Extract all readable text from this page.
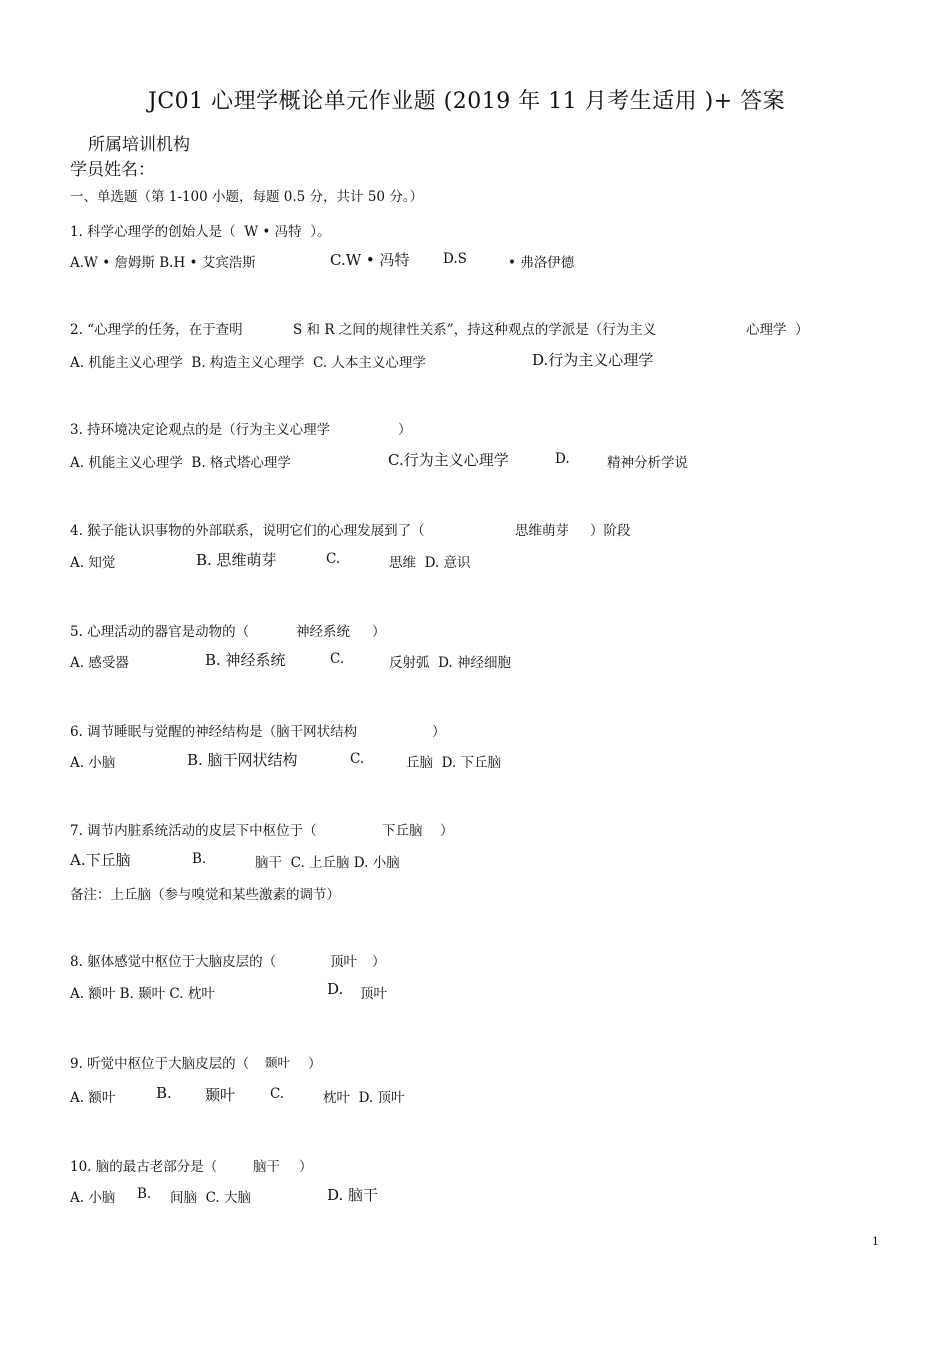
JC01 心理学概论单元作业题 (2019 年 11 月考生适用 )+ 答案
所属培训机构
学员姓名：
一、单选题（第 1-100 小题，每题 0.5 分，共计 50 分。）
1. 科学心理学的创始人是（  W • 冯特  ）。
A.W • 詹姆斯 B.H • 艾宾浩斯	C.W • 冯特 D.S	• 弗洛伊德
2. “心理学的任务，在于查明	S 和 R 之间的规律性关系”，持这种观点的学派是（行为主义	心理学  ）
A. 机能主义心理学  B. 构造主义心理学  C. 人本主义心理学	D.行为主义心理学
3. 持环境决定论观点的是（行为主义心理学	）
A. 机能主义心理学  B. 格式塔心理学	C.行为主义心理学	D.	精神分析学说
4. 猴子能认识事物的外部联系，说明它们的心理发展到了（	思维萌芽 ）阶段
A. 知觉	B. 思维萌芽	C.	思维  D. 意识
5. 心理活动的器官是动物的（	神经系统 ）
A. 感受器	B. 神经系统	C.	反射弧  D. 神经细胞
6. 调节睡眠与觉醒的神经结构是（脑干网状结构	）
A. 小脑	B. 脑干网状结构	C.	丘脑  D. 下丘脑
7. 调节内脏系统活动的皮层下中枢位于（	下丘脑 ）
A.下丘脑	B.	脑干  C. 上丘脑 D. 小脑
备注：上丘脑（参与嗅觉和某些激素的调节）
8. 躯体感觉中枢位于大脑皮层的（	顶叶 ）
A. 额叶 B. 颞叶 C. 枕叶	D. 顶叶
9. 听觉中枢位于大脑皮层的（ 颞叶 ）
A. 额叶	B. 颞叶	C.	枕叶  D. 顶叶
10. 脑的最古老部分是（	脑干 ）
A. 小脑 B. 间脑  C. 大脑	D. 脑干
1
